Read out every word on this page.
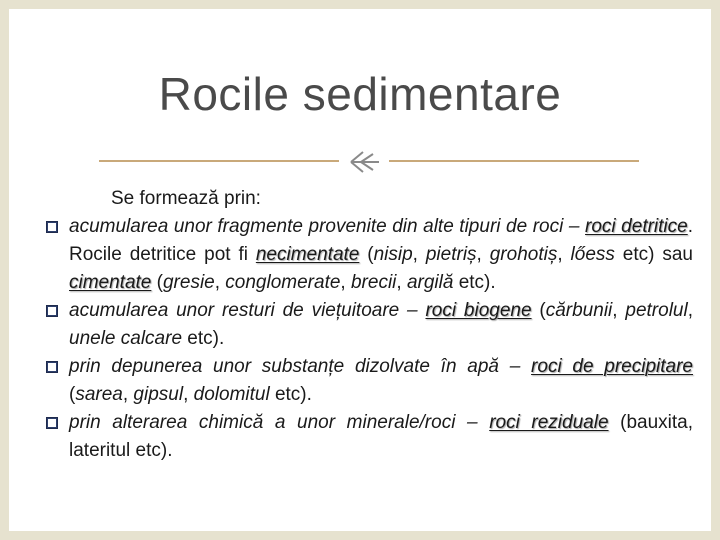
Rocile sedimentare
Se formează prin:
acumularea unor fragmente provenite din alte tipuri de roci – roci detritice. Rocile detritice pot fi necimentate (nisip, pietriș, grohotiș, lőess etc) sau cimentate (gresie, conglomerate, brecii, argilă etc).
acumularea unor resturi de viețuitoare – roci biogene (cărbunii, petrolul, unele calcare etc).
prin depunerea unor substanțe dizolvate în apă – roci de precipitare (sarea, gipsul, dolomitul etc).
prin alterarea chimică a unor minerale/roci – roci reziduale (bauxita, lateritul etc).
